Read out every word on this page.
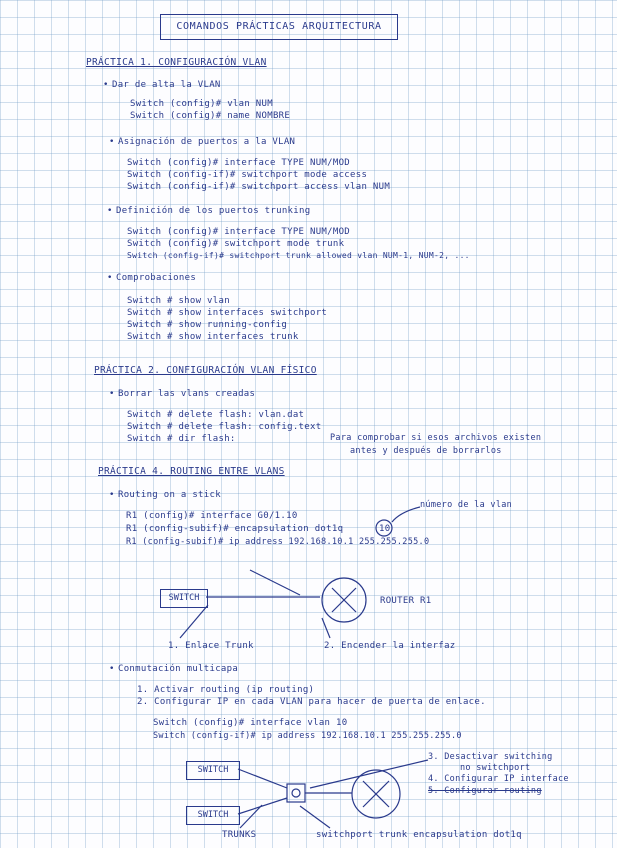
COMANDOS PRÁCTICAS ARQUITECTURA
PRÁCTICA 1. CONFIGURACIÓN VLAN
• Dar de alta la VLAN
Switch (config)# vlan NUM
Switch (config)# name NOMBRE
• Asignación de puertos a la VLAN
Switch (config)# interface TYPE NUM/MOD
Switch (config-if)# switchport mode access
Switch (config-if)# switchport access vlan NUM
• Definición de los puertos trunking
Switch (config)# interface TYPE NUM/MOD
Switch (config)# switchport mode trunk
Switch (config-if)# switchport trunk allowed vlan NUM-1, NUM-2, ...
• Comprobaciones
Switch # show vlan
Switch # show interfaces switchport
Switch # show running-config
Switch # show interfaces trunk
PRÁCTICA 2. CONFIGURACIÓN VLAN FÍSICO
• Borrar las vlans creadas
Switch # delete flash: vlan.dat
Switch # delete flash: config.text
Switch # dir flash:	Para comprobar si esos archivos existen
antes y después de borrarlos
PRÁCTICA 4. ROUTING ENTRE VLANS
• Routing on a stick
número de la vlan
R1 (config)# interface G0/1.10
R1 (config-subif)# encapsulation dot1q	10
R1 (config-subif)# ip address 192.168.10.1 255.255.255.0
SWITCH	ROUTER R1
1. Enlace Trunk	2. Encender la interfaz
• Conmutación multicapa
1. Activar routing (ip routing)
2. Configurar IP en cada VLAN para hacer de puerta de enlace.
Switch (config)# interface vlan 10
Switch (config-if)# ip address 192.168.10.1 255.255.255.0
3. Desactivar switching
no switchport
4. Configurar IP interface
5. Configurar routing
SWITCH
SWITCH
TRUNKS	switchport trunk encapsulation dot1q
